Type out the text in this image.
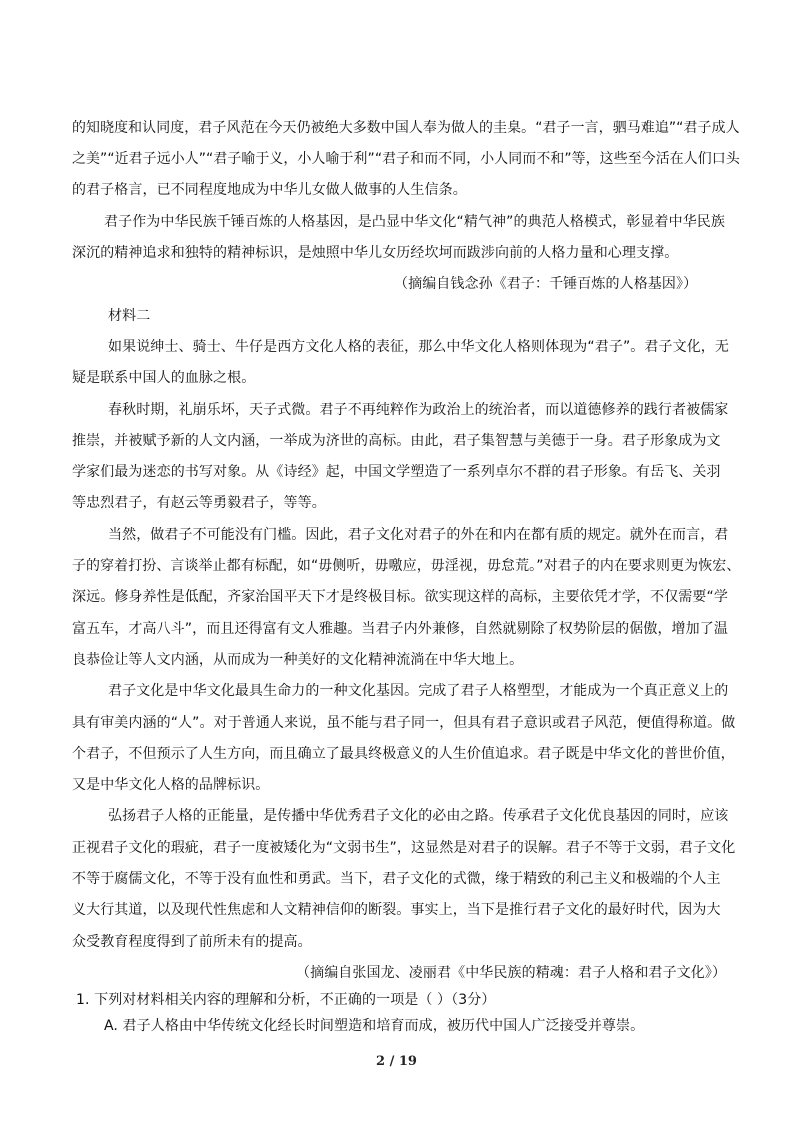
的知晓度和认同度，君子风范在今天仍被绝大多数中国人奉为做人的圭臬。“君子一言，驷马难追”“君子成人
之美”“近君子远小人”“君子喻于义，小人喻于利”“君子和而不同，小人同而不和”等，这些至今活在人们口头
的君子格言，已不同程度地成为中华儿女做人做事的人生信条。
君子作为中华民族千锤百炼的人格基因，是凸显中华文化“精气神”的典范人格模式，彰显着中华民族
深沉的精神追求和独特的精神标识，是烛照中华儿女历经坎坷而跋涉向前的人格力量和心理支撑。
（摘编自钱念孙《君子：千锤百炼的人格基因》）
材料二
如果说绅士、骑士、牛仔是西方文化人格的表征，那么中华文化人格则体现为“君子”。君子文化，无
疑是联系中国人的血脉之根。
春秋时期，礼崩乐坏，天子式微。君子不再纯粹作为政治上的统治者，而以道德修养的践行者被儒家
推崇，并被赋予新的人文内涵，一举成为济世的高标。由此，君子集智慧与美德于一身。君子形象成为文
学家们最为迷恋的书写对象。从《诗经》起，中国文学塑造了一系列卓尔不群的君子形象。有岳飞、关羽
等忠烈君子，有赵云等勇毅君子，等等。
当然，做君子不可能没有门槛。因此，君子文化对君子的外在和内在都有质的规定。就外在而言，君
子的穿着打扮、言谈举止都有标配，如“毋侧听，毋噭应，毋淫视，毋怠荒。”对君子的内在要求则更为恢宏、
深远。修身养性是低配，齐家治国平天下才是终极目标。欲实现这样的高标，主要依凭才学，不仅需要“学
富五车，才高八斗”，而且还得富有文人雅趣。当君子内外兼修，自然就剔除了权势阶层的倨傲，增加了温
良恭俭让等人文内涵，从而成为一种美好的文化精神流淌在中华大地上。
君子文化是中华文化最具生命力的一种文化基因。完成了君子人格塑型，才能成为一个真正意义上的
具有审美内涵的“人”。对于普通人来说，虽不能与君子同一，但具有君子意识或君子风范，便值得称道。做
个君子，不但预示了人生方向，而且确立了最具终极意义的人生价值追求。君子既是中华文化的普世价值，
又是中华文化人格的品牌标识。
弘扬君子人格的正能量，是传播中华优秀君子文化的必由之路。传承君子文化优良基因的同时，应该
正视君子文化的瑕疵，君子一度被矮化为“文弱书生”，这显然是对君子的误解。君子不等于文弱，君子文化
不等于腐儒文化，不等于没有血性和勇武。当下，君子文化的式微，缘于精致的利己主义和极端的个人主
义大行其道，以及现代性焦虑和人文精神信仰的断裂。事实上，当下是推行君子文化的最好时代，因为大
众受教育程度得到了前所未有的提高。
（摘编自张国龙、凌丽君《中华民族的精魂：君子人格和君子文化》）
1. 下列对材料相关内容的理解和分析，不正确的一项是（ ）（3分）
A. 君子人格由中华传统文化经长时间塑造和培育而成，被历代中国人广泛接受并尊崇。
2 / 19
